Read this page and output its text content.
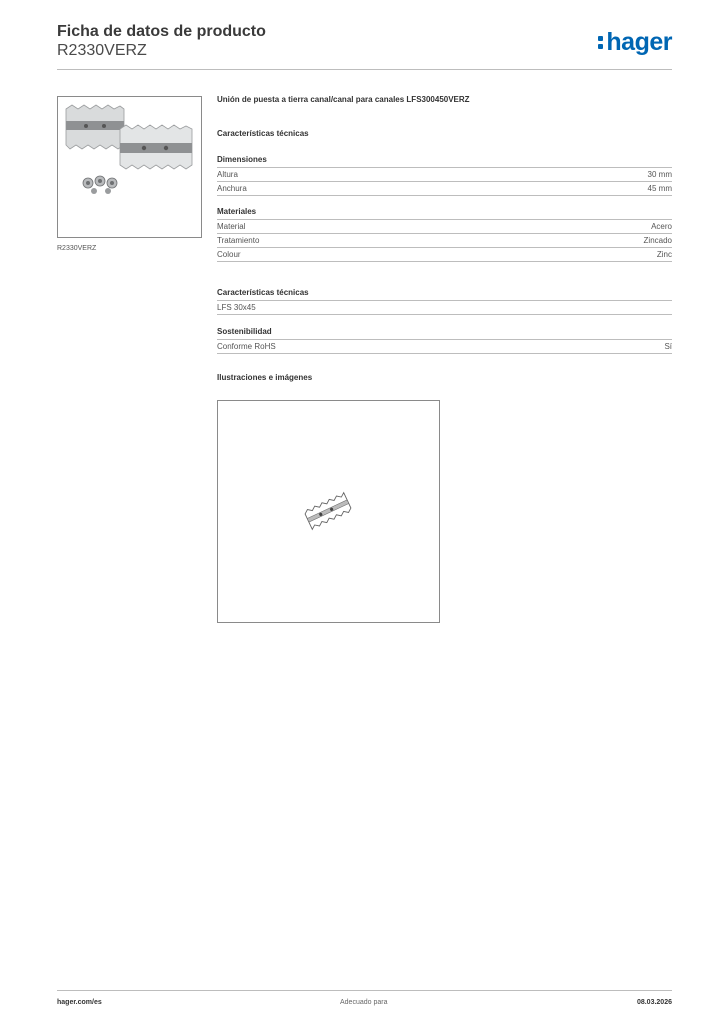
Ficha de datos de producto
R2330VERZ	hager
R2330VERZ
Unión de puesta a tierra canal/canal para canales LFS300450VERZ
Características técnicas
Dimensiones
Altura	30 mm
Anchura	45 mm
Materiales
Material	Acero
Tratamiento	Zincado
Colour	Zinc
Características técnicas
LFS 30x45
Sostenibilidad
Conforme RoHS	Sí
Ilustraciones e imágenes
hager.com/es	Adecuado para	08.03.2026
